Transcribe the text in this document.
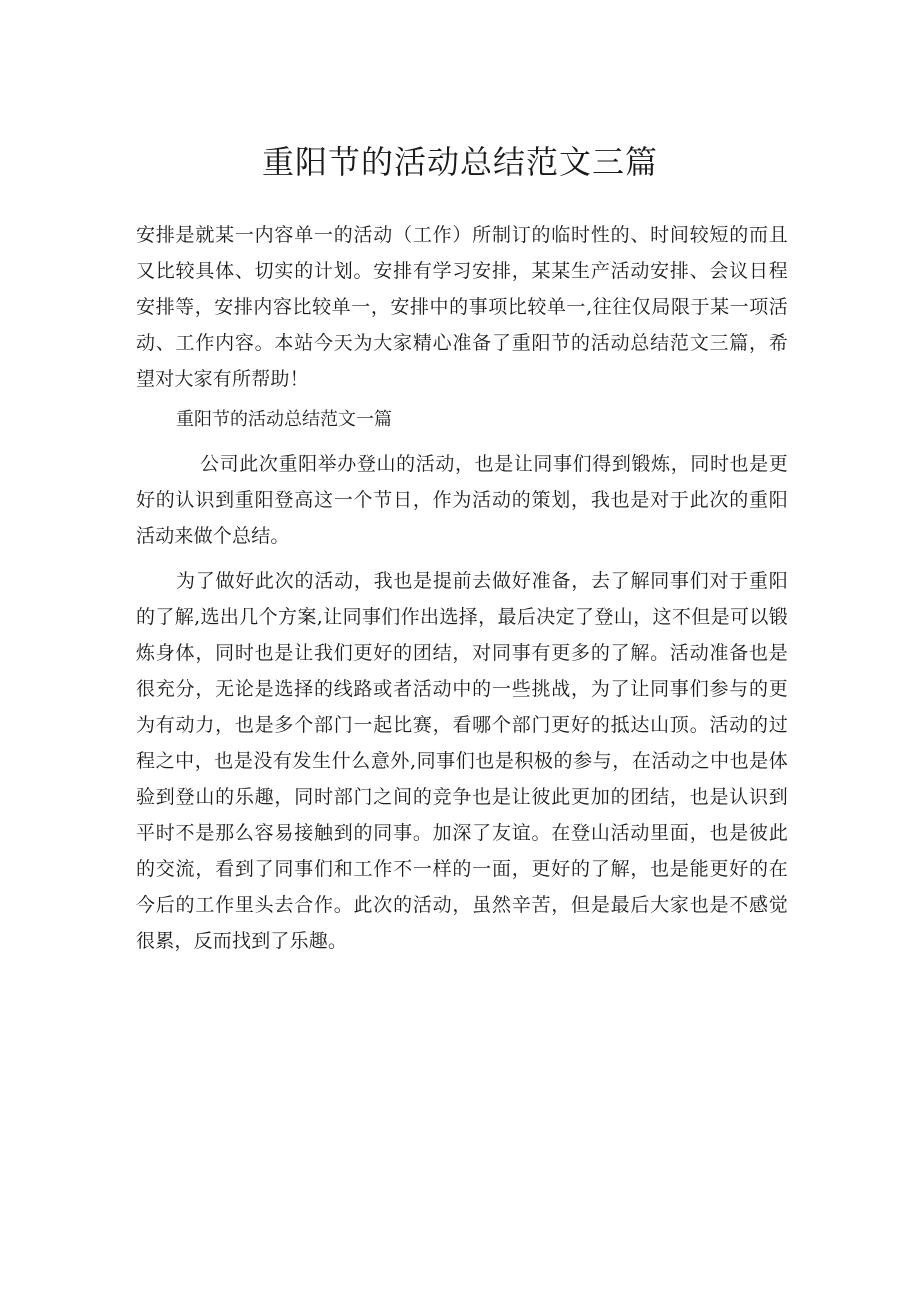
重阳节的活动总结范文三篇

安排是就某一内容单一的活动（工作）所制订的临时性的、时间较短的而且又比较具体、切实的计划。安排有学习安排，某某生产活动安排、会议日程安排等，安排内容比较单一，安排中的事项比较单一,往往仅局限于某一项活动、工作内容。本站今天为大家精心准备了重阳节的活动总结范文三篇，希望对大家有所帮助！

重阳节的活动总结范文一篇

公司此次重阳举办登山的活动，也是让同事们得到锻炼，同时也是更好的认识到重阳登高这一个节日，作为活动的策划，我也是对于此次的重阳活动来做个总结。

为了做好此次的活动，我也是提前去做好准备，去了解同事们对于重阳的了解,选出几个方案,让同事们作出选择，最后决定了登山，这不但是可以锻炼身体，同时也是让我们更好的团结，对同事有更多的了解。活动准备也是很充分，无论是选择的线路或者活动中的一些挑战，为了让同事们参与的更为有动力，也是多个部门一起比赛，看哪个部门更好的抵达山顶。活动的过程之中，也是没有发生什么意外,同事们也是积极的参与，在活动之中也是体验到登山的乐趣，同时部门之间的竞争也是让彼此更加的团结，也是认识到平时不是那么容易接触到的同事。加深了友谊。在登山活动里面，也是彼此的交流，看到了同事们和工作不一样的一面，更好的了解，也是能更好的在今后的工作里头去合作。此次的活动，虽然辛苦，但是最后大家也是不感觉很累，反而找到了乐趣。
